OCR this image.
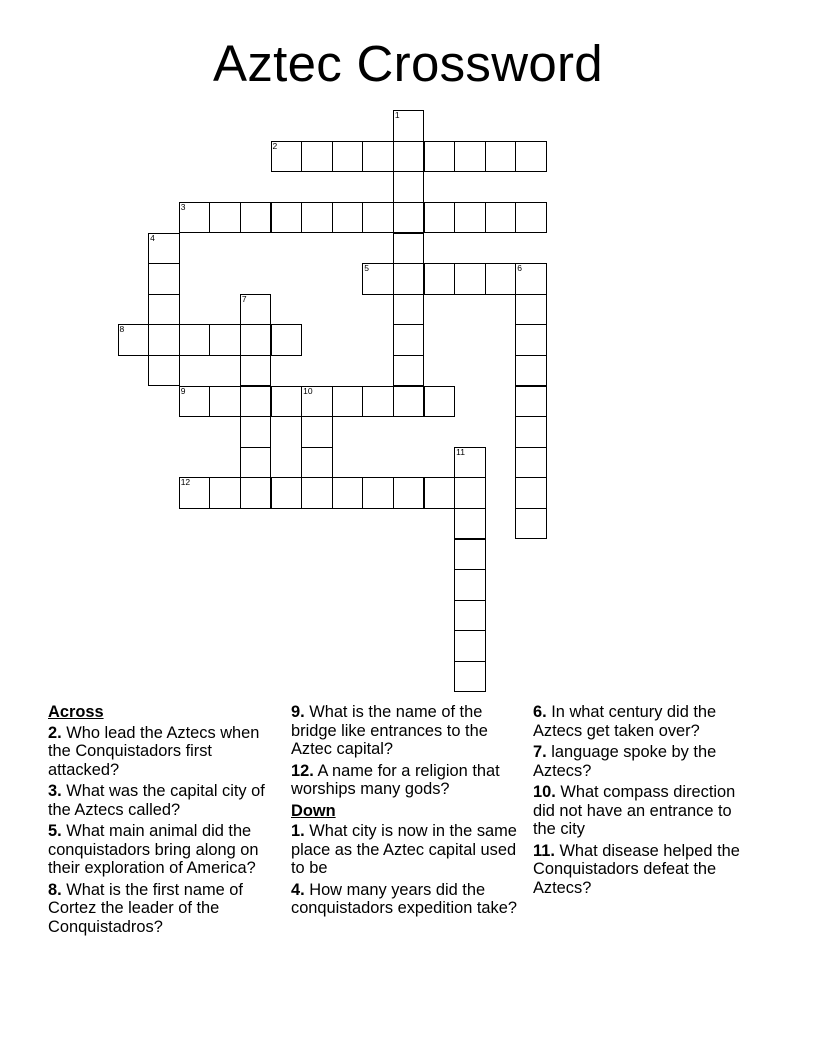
Aztec Crossword
1
2
3
4
5	6
7
8
9	10
11
12
Across
2. Who lead the Aztecs when the Conquistadors first attacked?
3. What was the capital city of the Aztecs called?
5. What main animal did the conquistadors bring along on their exploration of America?
8. What is the first name of Cortez the leader of the Conquistadros?
9. What is the name of the bridge like entrances to the Aztec capital?
12. A name for a religion that worships many gods?
Down
1. What city is now in the same place as the Aztec capital used to be
4. How many years did the conquistadors expedition take?
6. In what century did the Aztecs get taken over?
7. language spoke by the Aztecs?
10. What compass direction did not have an entrance to the city
11. What disease helped the Conquistadors defeat the Aztecs?
